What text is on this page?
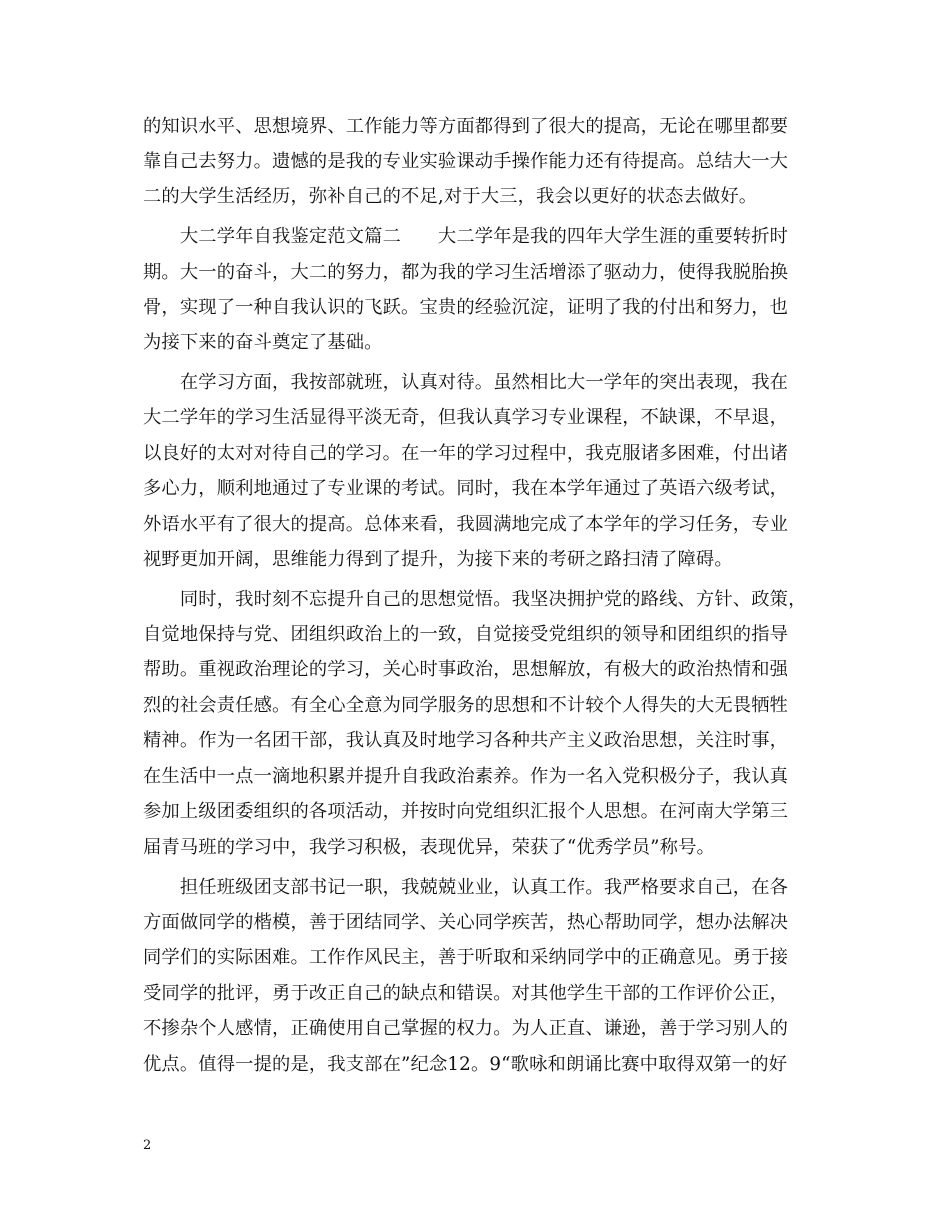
的知识水平、思想境界、工作能力等方面都得到了很大的提高，无论在哪里都要
靠自己去努力。遗憾的是我的专业实验课动手操作能力还有待提高。总结大一大
二的大学生活经历，弥补自己的不足,对于大三，我会以更好的状态去做好。
　　大二学年自我鉴定范文篇二　　大二学年是我的四年大学生涯的重要转折时
期。大一的奋斗，大二的努力，都为我的学习生活增添了驱动力，使得我脱胎换
骨，实现了一种自我认识的飞跃。宝贵的经验沉淀，证明了我的付出和努力，也
为接下来的奋斗奠定了基础。
　　在学习方面，我按部就班，认真对待。虽然相比大一学年的突出表现，我在
大二学年的学习生活显得平淡无奇，但我认真学习专业课程，不缺课，不早退，
以良好的太对对待自己的学习。在一年的学习过程中，我克服诸多困难，付出诸
多心力，顺利地通过了专业课的考试。同时，我在本学年通过了英语六级考试，
外语水平有了很大的提高。总体来看，我圆满地完成了本学年的学习任务，专业
视野更加开阔，思维能力得到了提升，为接下来的考研之路扫清了障碍。
　　同时，我时刻不忘提升自己的思想觉悟。我坚决拥护党的路线、方针、政策，
自觉地保持与党、团组织政治上的一致，自觉接受党组织的领导和团组织的指导
帮助。重视政治理论的学习，关心时事政治，思想解放，有极大的政治热情和强
烈的社会责任感。有全心全意为同学服务的思想和不计较个人得失的大无畏牺牲
精神。作为一名团干部，我认真及时地学习各种共产主义政治思想，关注时事，
在生活中一点一滴地积累并提升自我政治素养。作为一名入党积极分子，我认真
参加上级团委组织的各项活动，并按时向党组织汇报个人思想。在河南大学第三
届青马班的学习中，我学习积极，表现优异，荣获了“优秀学员”称号。
　　担任班级团支部书记一职，我兢兢业业，认真工作。我严格要求自己，在各
方面做同学的楷模，善于团结同学、关心同学疾苦，热心帮助同学，想办法解决
同学们的实际困难。工作作风民主，善于听取和采纳同学中的正确意见。勇于接
受同学的批评，勇于改正自己的缺点和错误。对其他学生干部的工作评价公正，
不掺杂个人感情，正确使用自己掌握的权力。为人正直、谦逊，善于学习别人的
优点。值得一提的是，我支部在”纪念12。9“歌咏和朗诵比赛中取得双第一的好
2
